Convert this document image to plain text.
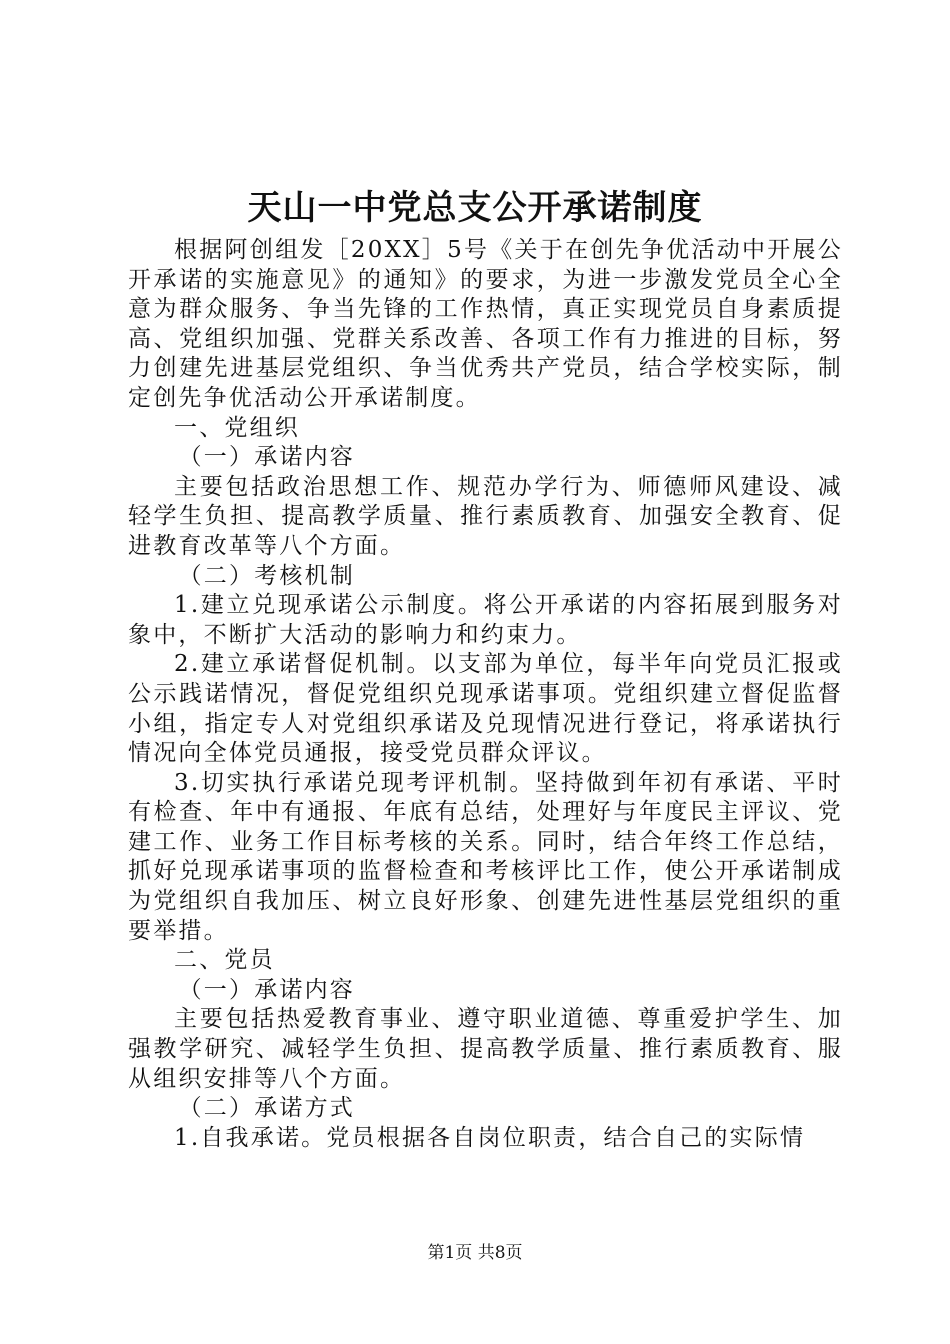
天山一中党总支公开承诺制度

根据阿创组发［20XX］5号《关于在创先争优活动中开展公开承诺的实施意见》的通知》的要求，为进一步激发党员全心全意为群众服务、争当先锋的工作热情，真正实现党员自身素质提高、党组织加强、党群关系改善、各项工作有力推进的目标，努力创建先进基层党组织、争当优秀共产党员，结合学校实际，制定创先争优活动公开承诺制度。

一、党组织

（一）承诺内容

主要包括政治思想工作、规范办学行为、师德师风建设、减轻学生负担、提高教学质量、推行素质教育、加强安全教育、促进教育改革等八个方面。

（二）考核机制

1.建立兑现承诺公示制度。将公开承诺的内容拓展到服务对象中，不断扩大活动的影响力和约束力。

2.建立承诺督促机制。以支部为单位，每半年向党员汇报或公示践诺情况，督促党组织兑现承诺事项。党组织建立督促监督小组，指定专人对党组织承诺及兑现情况进行登记，将承诺执行情况向全体党员通报，接受党员群众评议。

3.切实执行承诺兑现考评机制。坚持做到年初有承诺、平时有检查、年中有通报、年底有总结，处理好与年度民主评议、党建工作、业务工作目标考核的关系。同时，结合年终工作总结，抓好兑现承诺事项的监督检查和考核评比工作，使公开承诺制成为党组织自我加压、树立良好形象、创建先进性基层党组织的重要举措。

二、党员

（一）承诺内容

主要包括热爱教育事业、遵守职业道德、尊重爱护学生、加强教学研究、减轻学生负担、提高教学质量、推行素质教育、服从组织安排等八个方面。

（二）承诺方式

1.自我承诺。党员根据各自岗位职责，结合自己的实际情

第1页 共8页
